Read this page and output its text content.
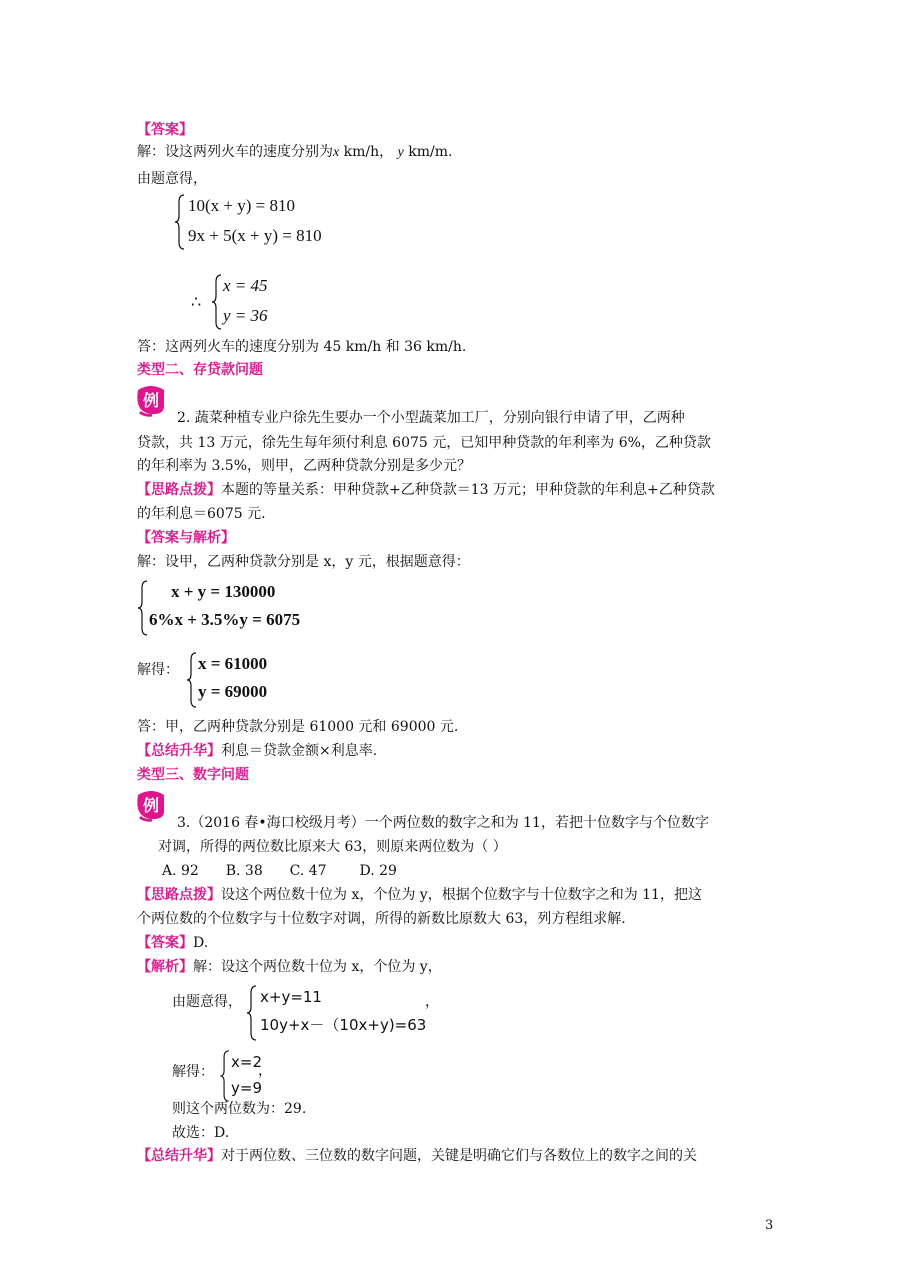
【答案】
解：设这两列火车的速度分别为x km/h， y km/m.
由题意得，
10(x + y) = 810
9x + 5(x + y) = 810
∴
x = 45
y = 36
答：这两列火车的速度分别为 45 km/h 和 36 km/h.
类型二、存贷款问题
例
2. 蔬菜种植专业户徐先生要办一个小型蔬菜加工厂，分别向银行申请了甲，乙两种
贷款，共 13 万元，徐先生每年须付利息 6075 元，已知甲种贷款的年利率为 6%，乙种贷款
的年利率为 3.5%，则甲，乙两种贷款分别是多少元？
【思路点拨】本题的等量关系：甲种贷款+乙种贷款＝13 万元；甲种贷款的年利息+乙种贷款
的年利息＝6075 元.
【答案与解析】
解：设甲，乙两种贷款分别是 x，y 元，根据题意得：
x + y = 130000
6%x + 3.5%y = 6075
解得： x = 61000
y = 69000
答：甲，乙两种贷款分别是 61000 元和 69000 元.
【总结升华】利息＝贷款金额×利息率.
类型三、数字问题
例
3.（2016 春•海口校级月考）一个两位数的数字之和为 11，若把十位数字与个位数字
对调，所得的两位数比原来大 63，则原来两位数为（ ）
A. 92 B. 38 C. 47 D. 29
【思路点拨】设这个两位数十位为 x，个位为 y，根据个位数字与十位数字之和为 11，把这
个两位数的个位数字与十位数字对调，所得的新数比原数大 63，列方程组求解.
【答案】D.
【解析】解：设这个两位数十位为 x，个位为 y，
由题意得， x+y=11
10y+x－（10x+y)=63
，
解得：
x=2
y=9
，
则这个两位数为：29.
故选：D.
【总结升华】对于两位数、三位数的数字问题，关键是明确它们与各数位上的数字之间的关
3
